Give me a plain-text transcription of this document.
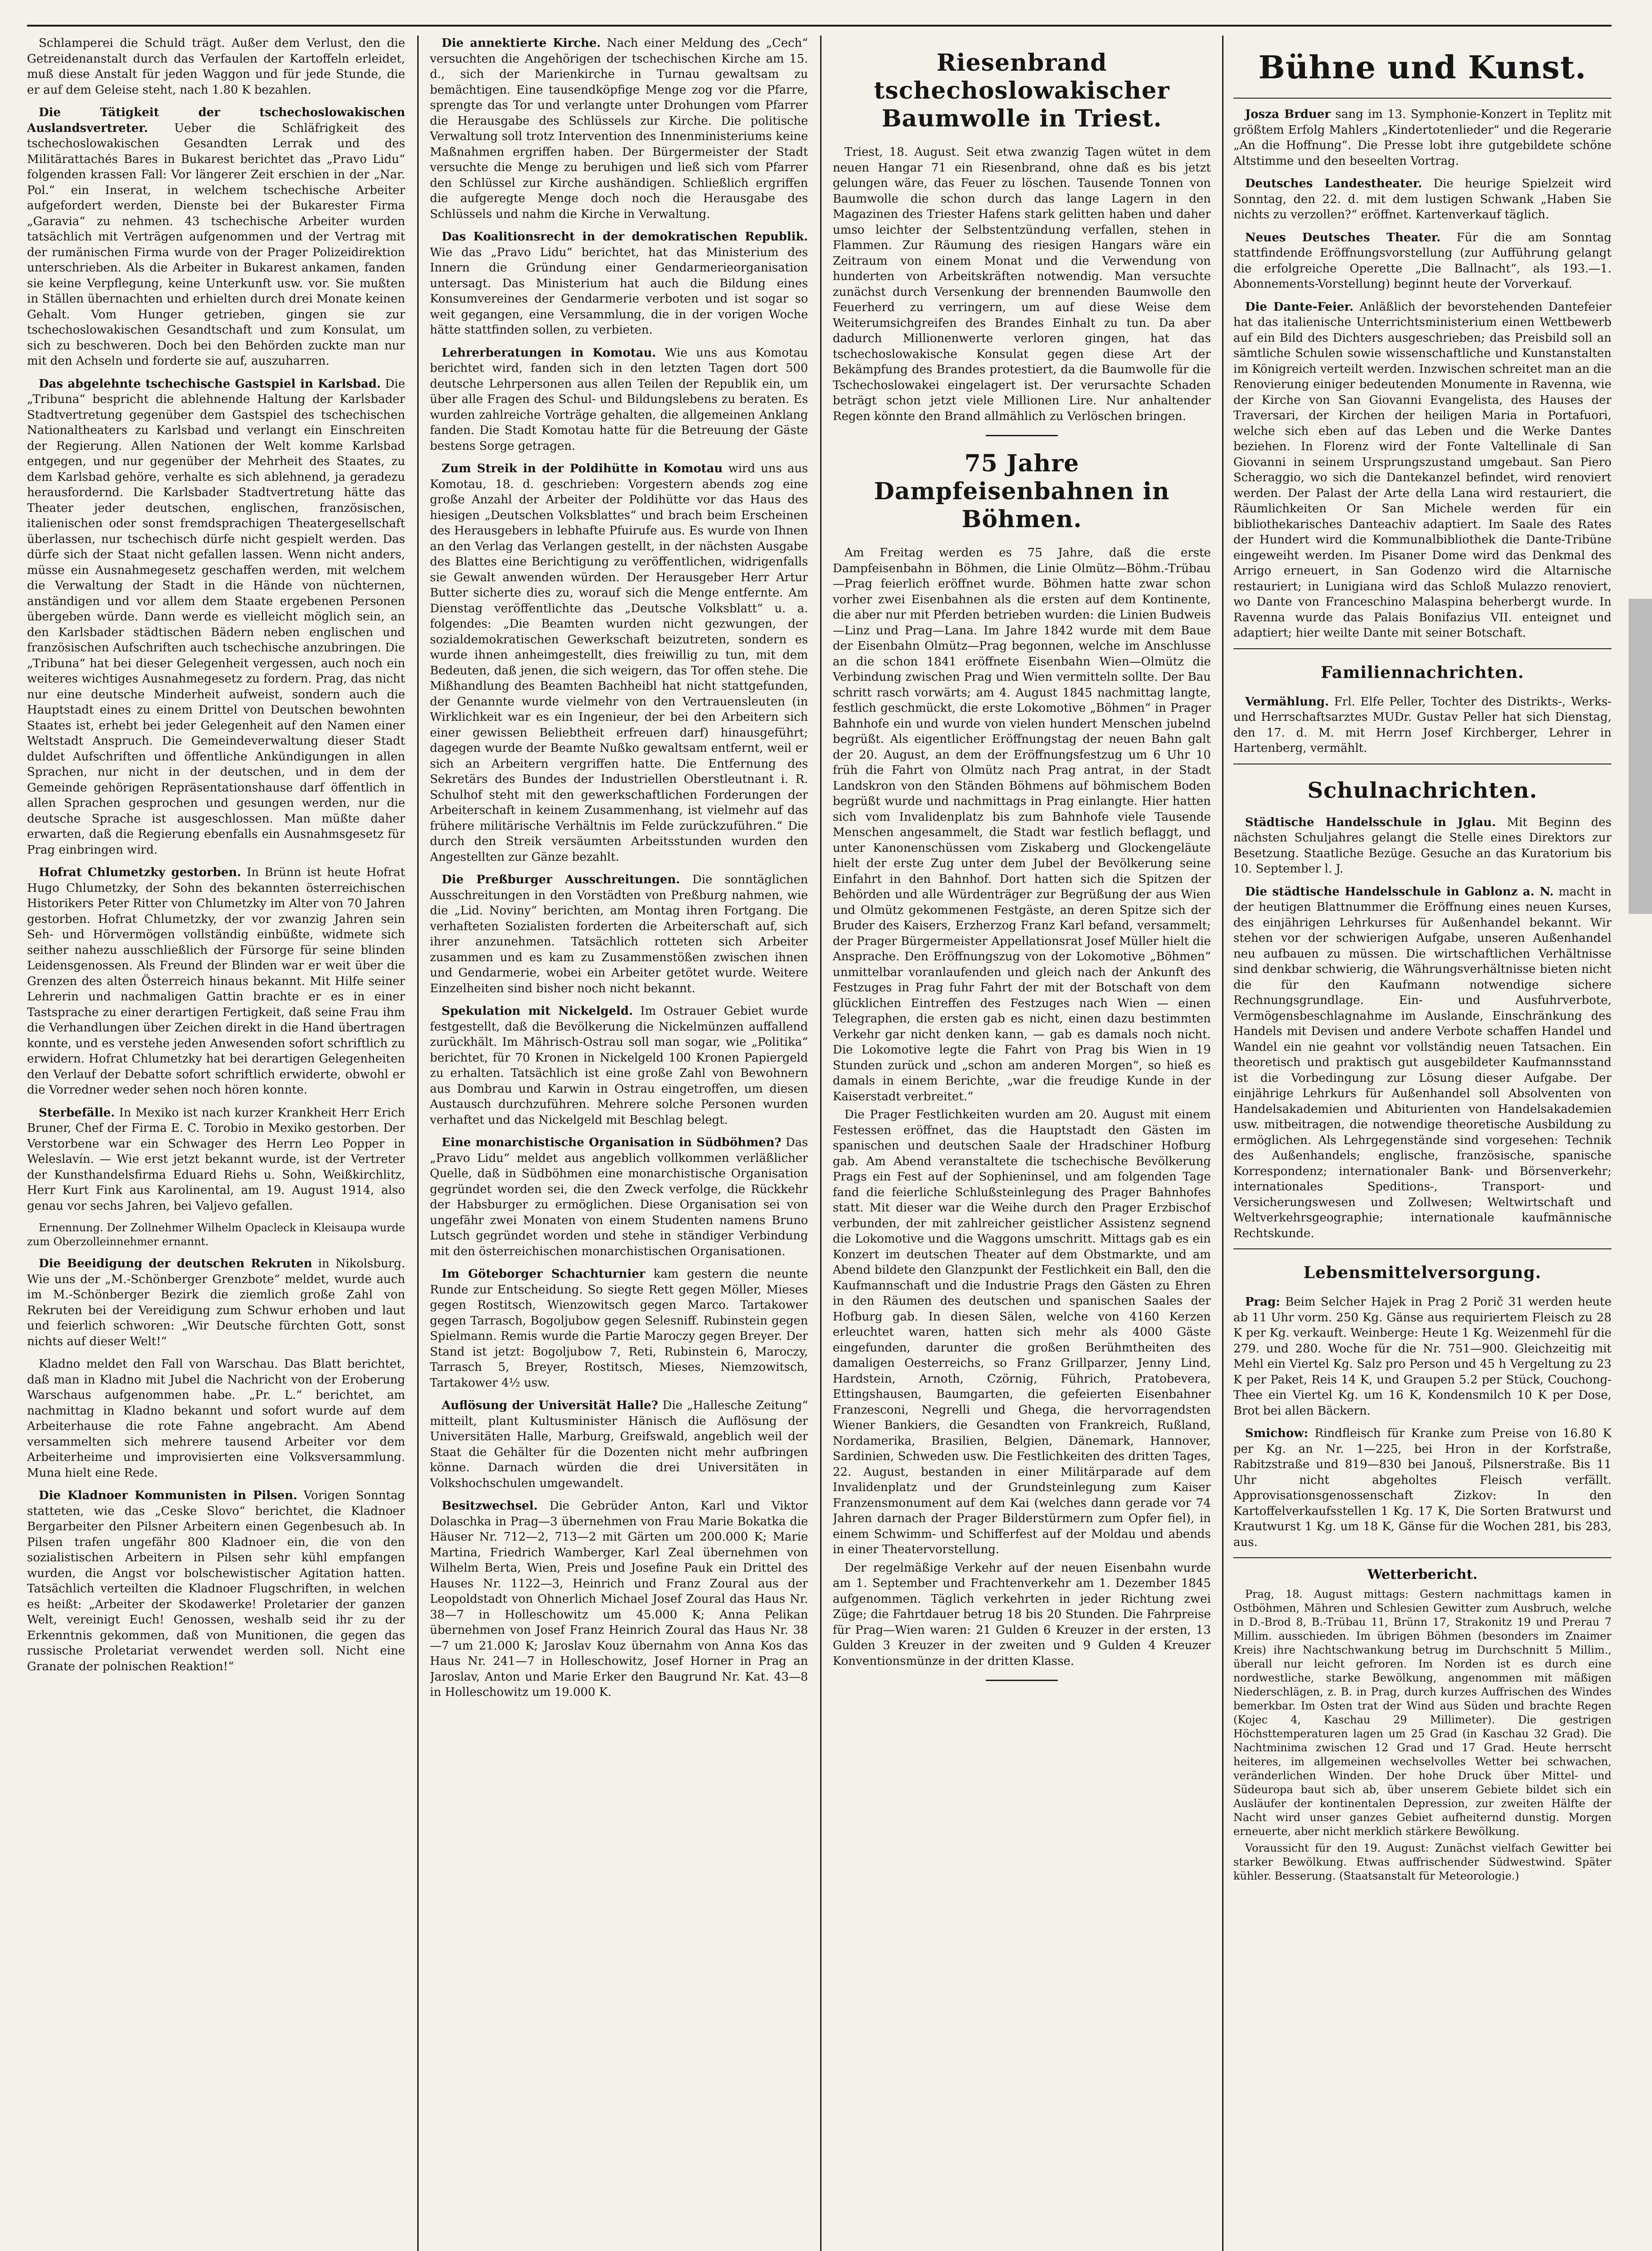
Schlamperei die Schuld trägt. Außer dem Verlust, den die Getreidenanstalt durch das Verfaulen der Kartoffeln erleidet, muß diese Anstalt für jeden Waggon und für jede Stunde, die er auf dem Geleise steht, nach 1.80 K bezahlen.

Die Tätigkeit der tschechoslowakischen Auslandsvertreter. Ueber die Schläfrigkeit des tschechoslowakischen Gesandten Lerrak und des Militärattachés Bares in Bukarest berichtet das „Pravo Lidu“ folgenden krassen Fall: Vor längerer Zeit erschien in der „Nar. Pol.“ ein Inserat, in welchem tschechische Arbeiter aufgefordert werden, Dienste bei der Bukarester Firma „Garavia“ zu nehmen. 43 tschechische Arbeiter wurden tatsächlich mit Verträgen aufgenommen und der Vertrag mit der rumänischen Firma wurde von der Prager Polizeidirektion unterschrieben. Als die Arbeiter in Bukarest ankamen, fanden sie keine Verpflegung, keine Unterkunft usw. vor. Sie mußten in Ställen übernachten und erhielten durch drei Monate keinen Gehalt. Vom Hunger getrieben, gingen sie zur tschechoslowakischen Gesandtschaft und zum Konsulat, um sich zu beschweren. Doch bei den Behörden zuckte man nur mit den Achseln und forderte sie auf, auszuharren.

Das abgelehnte tschechische Gastspiel in Karlsbad. Die „Tribuna“ bespricht die ablehnende Haltung der Karlsbader Stadtvertretung gegenüber dem Gastspiel des tschechischen Nationaltheaters zu Karlsbad und verlangt ein Einschreiten der Regierung. Allen Nationen der Welt komme Karlsbad entgegen, und nur gegenüber der Mehrheit des Staates, zu dem Karlsbad gehöre, verhalte es sich ablehnend, ja geradezu herausfordernd. Die Karlsbader Stadtvertretung hätte das Theater jeder deutschen, englischen, französischen, italienischen oder sonst fremdsprachigen Theatergesellschaft überlassen, nur tschechisch dürfe nicht gespielt werden. Das dürfe sich der Staat nicht gefallen lassen. Wenn nicht anders, müsse ein Ausnahmegesetz geschaffen werden, mit welchem die Verwaltung der Stadt in die Hände von nüchternen, anständigen und vor allem dem Staate ergebenen Personen übergeben würde. Dann werde es vielleicht möglich sein, an den Karlsbader städtischen Bädern neben englischen und französischen Aufschriften auch tschechische anzubringen. Die „Tribuna“ hat bei dieser Gelegenheit vergessen, auch noch ein weiteres wichtiges Ausnahmegesetz zu fordern. Prag, das nicht nur eine deutsche Minderheit aufweist, sondern auch die Hauptstadt eines zu einem Drittel von Deutschen bewohnten Staates ist, erhebt bei jeder Gelegenheit auf den Namen einer Weltstadt Anspruch. Die Gemeindeverwaltung dieser Stadt duldet Aufschriften und öffentliche Ankündigungen in allen Sprachen, nur nicht in der deutschen, und in dem der Gemeinde gehörigen Repräsentationshause darf öffentlich in allen Sprachen gesprochen und gesungen werden, nur die deutsche Sprache ist ausgeschlossen. Man müßte daher erwarten, daß die Regierung ebenfalls ein Ausnahmsgesetz für Prag einbringen wird.

Hofrat Chlumetzky gestorben. In Brünn ist heute Hofrat Hugo Chlumetzky, der Sohn des bekannten österreichischen Historikers Peter Ritter von Chlumetzky im Alter von 70 Jahren gestorben. Hofrat Chlumetzky, der vor zwanzig Jahren sein Seh- und Hörvermögen vollständig einbüßte, widmete sich seither nahezu ausschließlich der Fürsorge für seine blinden Leidensgenossen. Als Freund der Blinden war er weit über die Grenzen des alten Österreich hinaus bekannt. Mit Hilfe seiner Lehrerin und nachmaligen Gattin brachte er es in einer Tastsprache zu einer derartigen Fertigkeit, daß seine Frau ihm die Verhandlungen über Zeichen direkt in die Hand übertragen konnte, und es verstehe jeden Anwesenden sofort schriftlich zu erwidern. Hofrat Chlumetzky hat bei derartigen Gelegenheiten den Verlauf der Debatte sofort schriftlich erwiderte, obwohl er die Vorredner weder sehen noch hören konnte.

Sterbefälle. In Mexiko ist nach kurzer Krankheit Herr Erich Bruner, Chef der Firma E. C. Torobio in Mexiko gestorben. Der Verstorbene war ein Schwager des Herrn Leo Popper in Weleslavín. — Wie erst jetzt bekannt wurde, ist der Vertreter der Kunsthandelsfirma Eduard Riehs u. Sohn, Weißkirchlitz, Herr Kurt Fink aus Karolinental, am 19. August 1914, also genau vor sechs Jahren, bei Valjevo gefallen.

Ernennung. Der Zollnehmer Wilhelm Opacleck in Kleisaupa wurde zum Oberzolleinnehmer ernannt.

Die Beeidigung der deutschen Rekruten in Nikolsburg. Wie uns der „M.-Schönberger Grenzbote“ meldet, wurde auch im M.-Schönberger Bezirk die ziemlich große Zahl von Rekruten bei der Vereidigung zum Schwur erhoben und laut und feierlich schworen: „Wir Deutsche fürchten Gott, sonst nichts auf dieser Welt!“

Kladno meldet den Fall von Warschau. Das Blatt berichtet, daß man in Kladno mit Jubel die Nachricht von der Eroberung Warschaus aufgenommen habe. „Pr. L.“ berichtet, am nachmittag in Kladno bekannt und sofort wurde auf dem Arbeiterhause die rote Fahne angebracht. Am Abend versammelten sich mehrere tausend Arbeiter vor dem Arbeiterheime und improvisierten eine Volksversammlung. Muna hielt eine Rede.

Die Kladnoer Kommunisten in Pilsen. Vorigen Sonntag statteten, wie das „Ceske Slovo“ berichtet, die Kladnoer Bergarbeiter den Pilsner Arbeitern einen Gegenbesuch ab. In Pilsen trafen ungefähr 800 Kladnoer ein, die von den sozialistischen Arbeitern in Pilsen sehr kühl empfangen wurden, die Angst vor bolschewistischer Agitation hatten. Tatsächlich verteilten die Kladnoer Flugschriften, in welchen es heißt: „Arbeiter der Skodawerke! Proletarier der ganzen Welt, vereinigt Euch! Genossen, weshalb seid ihr zu der Erkenntnis gekommen, daß von Munitionen, die gegen das russische Proletariat verwendet werden soll. Nicht eine Granate der polnischen Reaktion!“

Die annektierte Kirche. Nach einer Meldung des „Cech“ versuchten die Angehörigen der tschechischen Kirche am 15. d., sich der Marienkirche in Turnau gewaltsam zu bemächtigen. Eine tausendköpfige Menge zog vor die Pfarre, sprengte das Tor und verlangte unter Drohungen vom Pfarrer die Herausgabe des Schlüssels zur Kirche. Die politische Verwaltung soll trotz Intervention des Innenministeriums keine Maßnahmen ergriffen haben. Der Bürgermeister der Stadt versuchte die Menge zu beruhigen und ließ sich vom Pfarrer den Schlüssel zur Kirche aushändigen. Schließlich ergriffen die aufgeregte Menge doch noch die Herausgabe des Schlüssels und nahm die Kirche in Verwaltung.

Das Koalitionsrecht in der demokratischen Republik. Wie das „Pravo Lidu“ berichtet, hat das Ministerium des Innern die Gründung einer Gendarmerieorganisation untersagt. Das Ministerium hat auch die Bildung eines Konsumvereines der Gendarmerie verboten und ist sogar so weit gegangen, eine Versammlung, die in der vorigen Woche hätte stattfinden sollen, zu verbieten.

Lehrerberatungen in Komotau. Wie uns aus Komotau berichtet wird, fanden sich in den letzten Tagen dort 500 deutsche Lehrpersonen aus allen Teilen der Republik ein, um über alle Fragen des Schul- und Bildungslebens zu beraten. Es wurden zahlreiche Vorträge gehalten, die allgemeinen Anklang fanden. Die Stadt Komotau hatte für die Betreuung der Gäste bestens Sorge getragen.

Zum Streik in der Poldihütte in Komotau wird uns aus Komotau, 18. d. geschrieben: Vorgestern abends zog eine große Anzahl der Arbeiter der Poldihütte vor das Haus des hiesigen „Deutschen Volksblattes“ und brach beim Erscheinen des Herausgebers in lebhafte Pfuirufe aus. Es wurde von Ihnen an den Verlag das Verlangen gestellt, in der nächsten Ausgabe des Blattes eine Berichtigung zu veröffentlichen, widrigenfalls sie Gewalt anwenden würden. Der Herausgeber Herr Artur Butter sicherte dies zu, worauf sich die Menge entfernte. Am Dienstag veröffentlichte das „Deutsche Volksblatt“ u. a. folgendes: „Die Beamten wurden nicht gezwungen, der sozialdemokratischen Gewerkschaft beizutreten, sondern es wurde ihnen anheimgestellt, dies freiwillig zu tun, mit dem Bedeuten, daß jenen, die sich weigern, das Tor offen stehe. Die Mißhandlung des Beamten Bachheibl hat nicht stattgefunden, der Genannte wurde vielmehr von den Vertrauensleuten (in Wirklichkeit war es ein Ingenieur, der bei den Arbeitern sich einer gewissen Beliebtheit erfreuen darf) hinausgeführt; dagegen wurde der Beamte Nußko gewaltsam entfernt, weil er sich an Arbeitern vergriffen hatte. Die Entfernung des Sekretärs des Bundes der Industriellen Oberstleutnant i. R. Schulhof steht mit den gewerkschaftlichen Forderungen der Arbeiterschaft in keinem Zusammenhang, ist vielmehr auf das frühere militärische Verhältnis im Felde zurückzuführen.“ Die durch den Streik versäumten Arbeitsstunden wurden den Angestellten zur Gänze bezahlt.

Die Preßburger Ausschreitungen. Die sonntäglichen Ausschreitungen in den Vorstädten von Preßburg nahmen, wie die „Lid. Noviny“ berichten, am Montag ihren Fortgang. Die verhafteten Sozialisten forderten die Arbeiterschaft auf, sich ihrer anzunehmen. Tatsächlich rotteten sich Arbeiter zusammen und es kam zu Zusammenstößen zwischen ihnen und Gendarmerie, wobei ein Arbeiter getötet wurde. Weitere Einzelheiten sind bisher noch nicht bekannt.

Spekulation mit Nickelgeld. Im Ostrauer Gebiet wurde festgestellt, daß die Bevölkerung die Nickelmünzen auffallend zurückhält. Im Mährisch-Ostrau soll man sogar, wie „Politika“ berichtet, für 70 Kronen in Nickelgeld 100 Kronen Papiergeld zu erhalten. Tatsächlich ist eine große Zahl von Bewohnern aus Dombrau und Karwin in Ostrau eingetroffen, um diesen Austausch durchzuführen. Mehrere solche Personen wurden verhaftet und das Nickelgeld mit Beschlag belegt.

Eine monarchistische Organisation in Südböhmen? Das „Pravo Lidu“ meldet aus angeblich vollkommen verläßlicher Quelle, daß in Südböhmen eine monarchistische Organisation gegründet worden sei, die den Zweck verfolge, die Rückkehr der Habsburger zu ermöglichen. Diese Organisation sei von ungefähr zwei Monaten von einem Studenten namens Bruno Lutsch gegründet worden und stehe in ständiger Verbindung mit den österreichischen monarchistischen Organisationen.

Im Göteborger Schachturnier kam gestern die neunte Runde zur Entscheidung. So siegte Rett gegen Möller, Mieses gegen Rostitsch, Wienzowitsch gegen Marco. Tartakower gegen Tarrasch, Bogoljubow gegen Selesniff. Rubinstein gegen Spielmann. Remis wurde die Partie Maroczy gegen Breyer. Der Stand ist jetzt: Bogoljubow 7, Reti, Rubinstein 6, Maroczy, Tarrasch 5, Breyer, Rostitsch, Mieses, Niemzowitsch, Tartakower 4½ usw.

Auflösung der Universität Halle? Die „Hallesche Zeitung“ mitteilt, plant Kultusminister Hänisch die Auflösung der Universitäten Halle, Marburg, Greifswald, angeblich weil der Staat die Gehälter für die Dozenten nicht mehr aufbringen könne. Darnach würden die drei Universitäten in Volkshochschulen umgewandelt.

Besitzwechsel. Die Gebrüder Anton, Karl und Viktor Dolaschka in Prag—3 übernehmen von Frau Marie Bokatka die Häuser Nr. 712—2, 713—2 mit Gärten um 200.000 K; Marie Martina, Friedrich Wamberger, Karl Zeal übernehmen von Wilhelm Berta, Wien, Preis und Josefine Pauk ein Drittel des Hauses Nr. 1122—3, Heinrich und Franz Zoural aus der Leopoldstadt von Ohnerlich Michael Josef Zoural das Haus Nr. 38—7 in Holleschowitz um 45.000 K; Anna Pelikan übernehmen von Josef Franz Heinrich Zoural das Haus Nr. 38—7 um 21.000 K; Jaroslav Kouz übernahm von Anna Kos das Haus Nr. 241—7 in Holleschowitz, Josef Horner in Prag an Jaroslav, Anton und Marie Erker den Baugrund Nr. Kat. 43—8 in Holleschowitz um 19.000 K.

Riesenbrand tschechoslowakischer Baumwolle in Triest.

Triest, 18. August. Seit etwa zwanzig Tagen wütet in dem neuen Hangar 71 ein Riesenbrand, ohne daß es bis jetzt gelungen wäre, das Feuer zu löschen. Tausende Tonnen von Baumwolle die schon durch das lange Lagern in den Magazinen des Triester Hafens stark gelitten haben und daher umso leichter der Selbstentzündung verfallen, stehen in Flammen. Zur Räumung des riesigen Hangars wäre ein Zeitraum von einem Monat und die Verwendung von hunderten von Arbeitskräften notwendig. Man versuchte zunächst durch Versenkung der brennenden Baumwolle den Feuerherd zu verringern, um auf diese Weise dem Weiterumsichgreifen des Brandes Einhalt zu tun. Da aber dadurch Millionenwerte verloren gingen, hat das tschechoslowakische Konsulat gegen diese Art der Bekämpfung des Brandes protestiert, da die Baumwolle für die Tschechoslowakei eingelagert ist. Der verursachte Schaden beträgt schon jetzt viele Millionen Lire. Nur anhaltender Regen könnte den Brand allmählich zu Verlöschen bringen.

75 Jahre Dampfeisenbahnen in Böhmen.

Am Freitag werden es 75 Jahre, daß die erste Dampfeisenbahn in Böhmen, die Linie Olmütz—Böhm.-Trübau—Prag feierlich eröffnet wurde. Böhmen hatte zwar schon vorher zwei Eisenbahnen als die ersten auf dem Kontinente, die aber nur mit Pferden betrieben wurden: die Linien Budweis—Linz und Prag—Lana. Im Jahre 1842 wurde mit dem Baue der Eisenbahn Olmütz—Prag begonnen, welche im Anschlusse an die schon 1841 eröffnete Eisenbahn Wien—Olmütz die Verbindung zwischen Prag und Wien vermitteln sollte. Der Bau schritt rasch vorwärts; am 4. August 1845 nachmittag langte, festlich geschmückt, die erste Lokomotive „Böhmen“ in Prager Bahnhofe ein und wurde von vielen hundert Menschen jubelnd begrüßt. Als eigentlicher Eröffnungstag der neuen Bahn galt der 20. August, an dem der Eröffnungsfestzug um 6 Uhr 10 früh die Fahrt von Olmütz nach Prag antrat, in der Stadt Landskron von den Ständen Böhmens auf böhmischem Boden begrüßt wurde und nachmittags in Prag einlangte. Hier hatten sich vom Invalidenplatz bis zum Bahnhofe viele Tausende Menschen angesammelt, die Stadt war festlich beflaggt, und unter Kanonenschüssen vom Ziskaberg und Glockengeläute hielt der erste Zug unter dem Jubel der Bevölkerung seine Einfahrt in den Bahnhof. Dort hatten sich die Spitzen der Behörden und alle Würdenträger zur Begrüßung der aus Wien und Olmütz gekommenen Festgäste, an deren Spitze sich der Bruder des Kaisers, Erzherzog Franz Karl befand, versammelt; der Prager Bürgermeister Appellationsrat Josef Müller hielt die Ansprache. Den Eröffnungszug von der Lokomotive „Böhmen“ unmittelbar voranlaufenden und gleich nach der Ankunft des Festzuges in Prag fuhr Fahrt der mit der Botschaft von dem glücklichen Eintreffen des Festzuges nach Wien — einen Telegraphen, die ersten gab es nicht, einen dazu bestimmten Verkehr gar nicht denken kann, — gab es damals noch nicht. Die Lokomotive legte die Fahrt von Prag bis Wien in 19 Stunden zurück und „schon am anderen Morgen“, so hieß es damals in einem Berichte, „war die freudige Kunde in der Kaiserstadt verbreitet.“

Die Prager Festlichkeiten wurden am 20. August mit einem Festessen eröffnet, das die Hauptstadt den Gästen im spanischen und deutschen Saale der Hradschiner Hofburg gab. Am Abend veranstaltete die tschechische Bevölkerung Prags ein Fest auf der Sophieninsel, und am folgenden Tage fand die feierliche Schlußsteinlegung des Prager Bahnhofes statt. Mit dieser war die Weihe durch den Prager Erzbischof verbunden, der mit zahlreicher geistlicher Assistenz segnend die Lokomotive und die Waggons umschritt. Mittags gab es ein Konzert im deutschen Theater auf dem Obstmarkte, und am Abend bildete den Glanzpunkt der Festlichkeit ein Ball, den die Kaufmannschaft und die Industrie Prags den Gästen zu Ehren in den Räumen des deutschen und spanischen Saales der Hofburg gab. In diesen Sälen, welche von 4160 Kerzen erleuchtet waren, hatten sich mehr als 4000 Gäste eingefunden, darunter die großen Berühmtheiten des damaligen Oesterreichs, so Franz Grillparzer, Jenny Lind, Hardstein, Arnoth, Czörnig, Führich, Pratobevera, Ettingshausen, Baumgarten, die gefeierten Eisenbahner Franzesconi, Negrelli und Ghega, die hervorragendsten Wiener Bankiers, die Gesandten von Frankreich, Rußland, Nordamerika, Brasilien, Belgien, Dänemark, Hannover, Sardinien, Schweden usw. Die Festlichkeiten des dritten Tages, 22. August, bestanden in einer Militärparade auf dem Invalidenplatz und der Grundsteinlegung zum Kaiser Franzensmonument auf dem Kai (welches dann gerade vor 74 Jahren darnach der Prager Bilderstürmern zum Opfer fiel), in einem Schwimm- und Schifferfest auf der Moldau und abends in einer Theatervorstellung.

Der regelmäßige Verkehr auf der neuen Eisenbahn wurde am 1. September und Frachtenverkehr am 1. Dezember 1845 aufgenommen. Täglich verkehrten in jeder Richtung zwei Züge; die Fahrtdauer betrug 18 bis 20 Stunden. Die Fahrpreise für Prag—Wien waren: 21 Gulden 6 Kreuzer in der ersten, 13 Gulden 3 Kreuzer in der zweiten und 9 Gulden 4 Kreuzer Konventionsmünze in der dritten Klasse.

Bühne und Kunst.

Josza Brduer sang im 13. Symphonie-Konzert in Teplitz mit größtem Erfolg Mahlers „Kindertotenlieder“ und die Regerarie „An die Hoffnung“. Die Presse lobt ihre gutgebildete schöne Altstimme und den beseelten Vortrag.

Deutsches Landestheater. Die heurige Spielzeit wird Sonntag, den 22. d. mit dem lustigen Schwank „Haben Sie nichts zu verzollen?“ eröffnet. Kartenverkauf täglich.

Neues Deutsches Theater. Für die am Sonntag stattfindende Eröffnungsvorstellung (zur Aufführung gelangt die erfolgreiche Operette „Die Ballnacht“, als 193.—1. Abonnements-Vorstellung) beginnt heute der Vorverkauf.

Die Dante-Feier. Anläßlich der bevorstehenden Dantefeier hat das italienische Unterrichtsministerium einen Wettbewerb auf ein Bild des Dichters ausgeschrieben; das Preisbild soll an sämtliche Schulen sowie wissenschaftliche und Kunstanstalten im Königreich verteilt werden. Inzwischen schreitet man an die Renovierung einiger bedeutenden Monumente in Ravenna, wie der Kirche von San Giovanni Evangelista, des Hauses der Traversari, der Kirchen der heiligen Maria in Portafuori, welche sich eben auf das Leben und die Werke Dantes beziehen. In Florenz wird der Fonte Valtellinale di San Giovanni in seinem Ursprungszustand umgebaut. San Piero Scheraggio, wo sich die Dantekanzel befindet, wird renoviert werden. Der Palast der Arte della Lana wird restauriert, die Räumlichkeiten Or San Michele werden für ein bibliothekarisches Danteachiv adaptiert. Im Saale des Rates der Hundert wird die Kommunalbibliothek die Dante-Tribüne eingeweiht werden. Im Pisaner Dome wird das Denkmal des Arrigo erneuert, in San Godenzo wird die Altarnische restauriert; in Lunigiana wird das Schloß Mulazzo renoviert, wo Dante von Franceschino Malaspina beherbergt wurde. In Ravenna wurde das Palais Bonifazius VII. enteignet und adaptiert; hier weilte Dante mit seiner Botschaft.

Familiennachrichten.

Vermählung. Frl. Elfe Peller, Tochter des Distrikts-, Werks- und Herrschaftsarztes MUDr. Gustav Peller hat sich Dienstag, den 17. d. M. mit Herrn Josef Kirchberger, Lehrer in Hartenberg, vermählt.

Schulnachrichten.

Städtische Handelsschule in Jglau. Mit Beginn des nächsten Schuljahres gelangt die Stelle eines Direktors zur Besetzung. Staatliche Bezüge. Gesuche an das Kuratorium bis 10. September l. J.

Die städtische Handelsschule in Gablonz a. N. macht in der heutigen Blattnummer die Eröffnung eines neuen Kurses, des einjährigen Lehrkurses für Außenhandel bekannt. Wir stehen vor der schwierigen Aufgabe, unseren Außenhandel neu aufbauen zu müssen. Die wirtschaftlichen Verhältnisse sind denkbar schwierig, die Währungsverhältnisse bieten nicht die für den Kaufmann notwendige sichere Rechnungsgrundlage. Ein- und Ausfuhrverbote, Vermögensbeschlagnahme im Auslande, Einschränkung des Handels mit Devisen und andere Verbote schaffen Handel und Wandel ein nie geahnt vor vollständig neuen Tatsachen. Ein theoretisch und praktisch gut ausgebildeter Kaufmannsstand ist die Vorbedingung zur Lösung dieser Aufgabe. Der einjährige Lehrkurs für Außenhandel soll Absolventen von Handelsakademien und Abiturienten von Handelsakademien usw. mitbeitragen, die notwendige theoretische Ausbildung zu ermöglichen. Als Lehrgegenstände sind vorgesehen: Technik des Außenhandels; englische, französische, spanische Korrespondenz; internationaler Bank- und Börsenverkehr; internationales Speditions-, Transport- und Versicherungswesen und Zollwesen; Weltwirtschaft und Weltverkehrsgeographie; internationale kaufmännische Rechtskunde.

Lebensmittelversorgung.

Prag: Beim Selcher Hajek in Prag 2 Porič 31 werden heute ab 11 Uhr vorm. 250 Kg. Gänse aus requiriertem Fleisch zu 28 K per Kg. verkauft. Weinberge: Heute 1 Kg. Weizenmehl für die 279. und 280. Woche für die Nr. 751—900. Gleichzeitig mit Mehl ein Viertel Kg. Salz pro Person und 45 h Vergeltung zu 23 K per Paket, Reis 14 K, und Graupen 5.2 per Stück, Couchong-Thee ein Viertel Kg. um 16 K, Kondensmilch 10 K per Dose, Brot bei allen Bäckern.

Smichow: Rindfleisch für Kranke zum Preise von 16.80 K per Kg. an Nr. 1—225, bei Hron in der Korfstraße, Rabitzstraße und 819—830 bei Janouš, Pilsnerstraße. Bis 11 Uhr nicht abgeholtes Fleisch verfällt. Approvisationsgenossenschaft Zizkov: In den Kartoffelverkaufsstellen 1 Kg. 17 K, Die Sorten Bratwurst und Krautwurst 1 Kg. um 18 K, Gänse für die Wochen 281, bis 283, aus.

Wetterbericht.

Prag, 18. August mittags: Gestern nachmittags kamen in Ostböhmen, Mähren und Schlesien Gewitter zum Ausbruch, welche in D.-Brod 8, B.-Trübau 11, Brünn 17, Strakonitz 19 und Prerau 7 Millim. ausschieden. Im übrigen Böhmen (besonders im Znaimer Kreis) ihre Nachtschwankung betrug im Durchschnitt 5 Millim., überall nur leicht gefroren. Im Norden ist es durch eine nordwestliche, starke Bewölkung, angenommen mit mäßigen Niederschlägen, z. B. in Prag, durch kurzes Auffrischen des Windes bemerkbar. Im Osten trat der Wind aus Süden und brachte Regen (Kojec 4, Kaschau 29 Millimeter). Die gestrigen Höchsttemperaturen lagen um 25 Grad (in Kaschau 32 Grad). Die Nachtminima zwischen 12 Grad und 17 Grad. Heute herrscht heiteres, im allgemeinen wechselvolles Wetter bei schwachen, veränderlichen Winden. Der hohe Druck über Mittel- und Südeuropa baut sich ab, über unserem Gebiete bildet sich ein Ausläufer der kontinentalen Depression, zur zweiten Hälfte der Nacht wird unser ganzes Gebiet aufheiternd dunstig. Morgen erneuerte, aber nicht merklich stärkere Bewölkung.

Voraussicht für den 19. August: Zunächst vielfach Gewitter bei starker Bewölkung. Etwas auffrischender Südwestwind. Später kühler. Besserung. (Staatsanstalt für Meteorologie.)
